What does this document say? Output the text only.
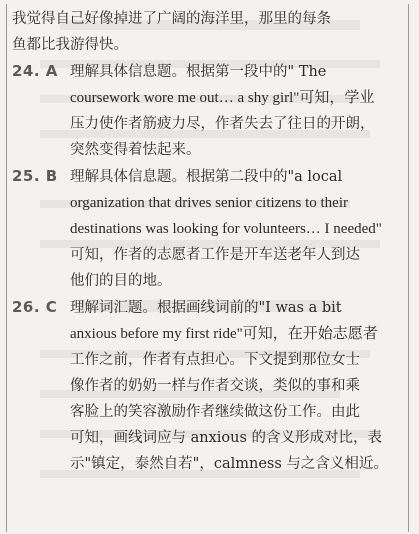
我觉得自己好像掉进了广阔的海洋里，那里的每条
鱼都比我游得快。

24. A 理解具体信息题。根据第一段中的" The
coursework wore me out… a shy girl"可知，学业
压力使作者筋疲力尽，作者失去了往日的开朗，
突然变得着怯起来。
25. B 理解具体信息题。根据第二段中的"a local
organization that drives senior citizens to their
destinations was looking for volunteers… I needed"
可知，作者的志愿者工作是开车送老年人到达
他们的目的地。
26. C 理解词汇题。根据画线词前的"I was a bit
anxious before my first ride"可知，在开始志愿者
工作之前，作者有点担心。下文提到那位女士
像作者的奶奶一样与作者交谈，类似的事和乘
客脸上的笑容激励作者继续做这份工作。由此
可知，画线词应与 anxious 的含义形成对比，表
示"镇定，泰然自若"，calmness 与之含义相近。
